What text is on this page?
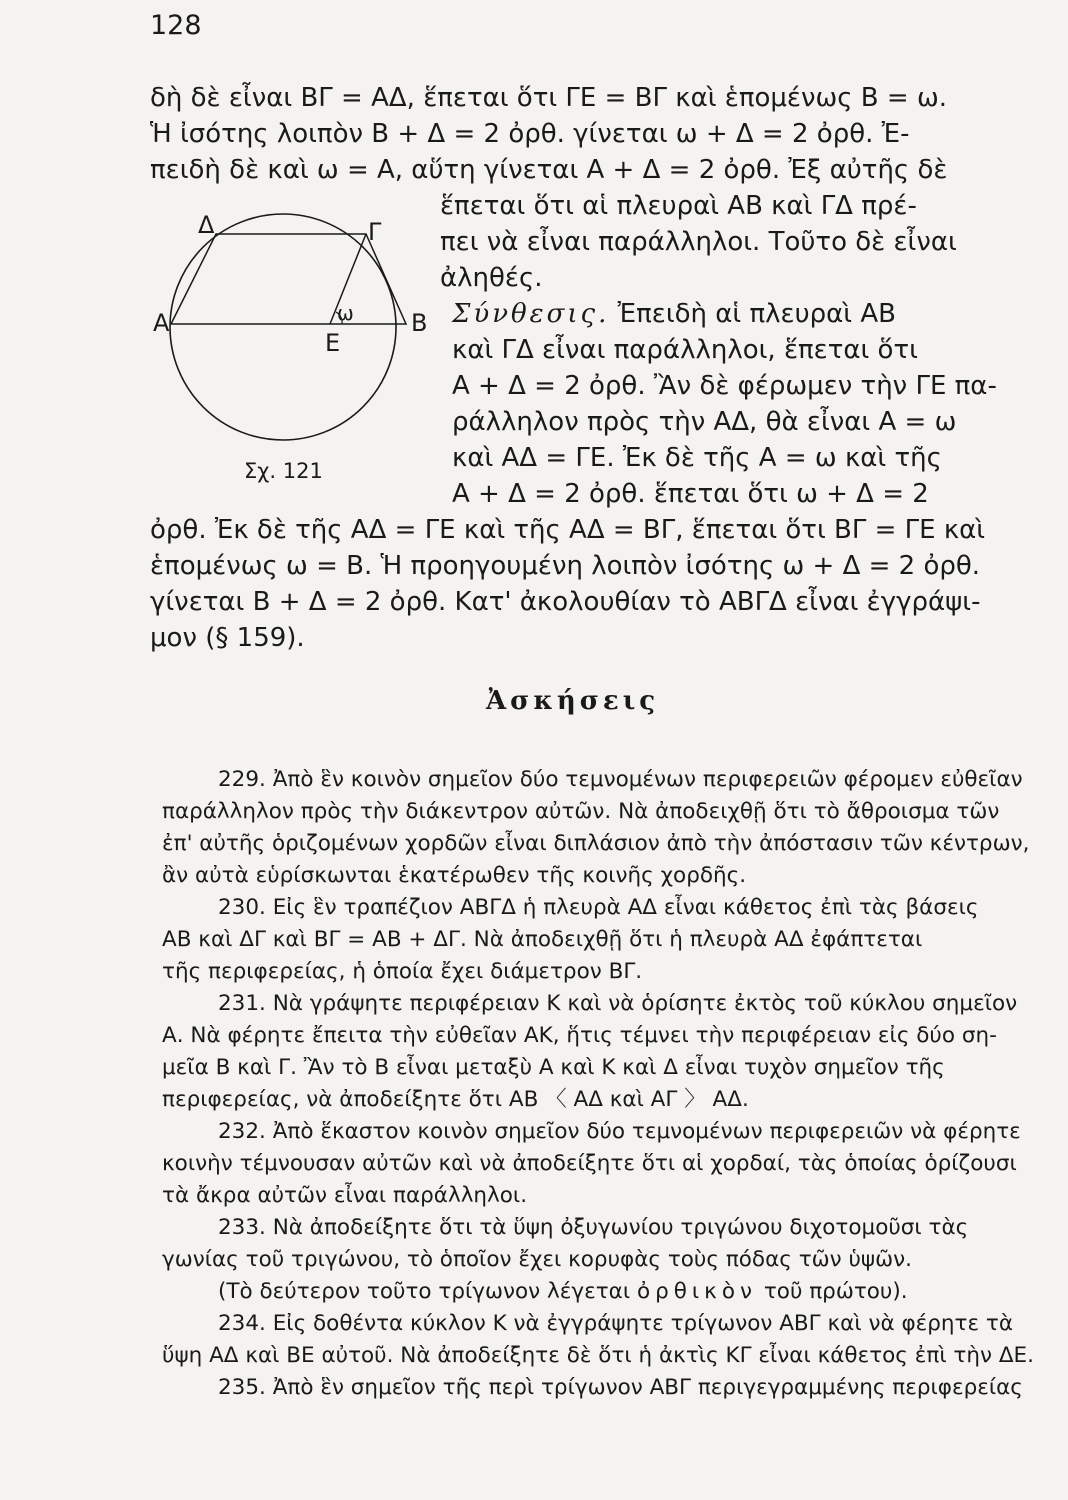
128
δὴ δὲ εἶναι ΒΓ = ΑΔ, ἕπεται ὅτι ΓΕ = ΒΓ καὶ ἑπομένως Β = ω.
Ἡ ἰσότης λοιπὸν Β + Δ = 2 ὀρθ. γίνεται ω + Δ = 2 ὀρθ. Ἐ-
πειδὴ δὲ καὶ ω = Α, αὕτη γίνεται Α + Δ = 2 ὀρθ. Ἐξ αὐτῆς δὲ
ἕπεται ὅτι αἱ πλευραὶ ΑΒ καὶ ΓΔ πρέ-
πει νὰ εἶναι παράλληλοι. Τοῦτο δὲ εἶναι
ἀληθές.
Σύνθεσις. Ἐπειδὴ αἱ πλευραὶ ΑΒ
καὶ ΓΔ εἶναι παράλληλοι, ἕπεται ὅτι
Α + Δ = 2 ὀρθ. Ἂν δὲ φέρωμεν τὴν ΓΕ πα-
ράλληλον πρὸς τὴν ΑΔ, θὰ εἶναι Α = ω
καὶ ΑΔ = ΓΕ. Ἐκ δὲ τῆς Α = ω καὶ τῆς
Α + Δ = 2 ὀρθ. ἕπεται ὅτι ω + Δ = 2
ὀρθ. Ἐκ δὲ τῆς ΑΔ = ΓΕ καὶ τῆς ΑΔ = ΒΓ, ἕπεται ὅτι ΒΓ = ΓΕ καὶ
ἑπομένως ω = Β. Ἡ προηγουμένη λοιπὸν ἰσότης ω + Δ = 2 ὀρθ.
γίνεται Β + Δ = 2 ὀρθ. Κατ' ἀκολουθίαν τὸ ΑΒΓΔ εἶναι ἐγγράψι-
μον (§ 159).
Δ	Γ
Α	Β
Ε
ω
Σχ. 121
Ἀσκήσεις
229. Ἀπὸ ἓν κοινὸν σημεῖον δύο τεμνομένων περιφερειῶν φέρομεν εὐθεῖαν
παράλληλον πρὸς τὴν διάκεντρον αὐτῶν. Νὰ ἀποδειχθῇ ὅτι τὸ ἄθροισμα τῶν
ἐπ' αὐτῆς ὁριζομένων χορδῶν εἶναι διπλάσιον ἀπὸ τὴν ἀπόστασιν τῶν κέντρων,
ἂν αὐτὰ εὑρίσκωνται ἑκατέρωθεν τῆς κοινῆς χορδῆς.
230. Εἰς ἓν τραπέζιον ΑΒΓΔ ἡ πλευρὰ ΑΔ εἶναι κάθετος ἐπὶ τὰς βάσεις
ΑΒ καὶ ΔΓ καὶ ΒΓ = ΑΒ + ΔΓ. Νὰ ἀποδειχθῇ ὅτι ἡ πλευρὰ ΑΔ ἐφάπτεται
τῆς περιφερείας, ἡ ὁποία ἔχει διάμετρον ΒΓ.
231. Νὰ γράψητε περιφέρειαν Κ καὶ νὰ ὁρίσητε ἐκτὸς τοῦ κύκλου σημεῖον
Α. Νὰ φέρητε ἔπειτα τὴν εὐθεῖαν ΑΚ, ἥτις τέμνει τὴν περιφέρειαν εἰς δύο ση-
μεῖα Β καὶ Γ. Ἂν τὸ Β εἶναι μεταξὺ Α καὶ Κ καὶ Δ εἶναι τυχὸν σημεῖον τῆς
περιφερείας, νὰ ἀποδείξητε ὅτι ΑΒ 〈 ΑΔ καὶ ΑΓ 〉 ΑΔ.
232. Ἀπὸ ἕκαστον κοινὸν σημεῖον δύο τεμνομένων περιφερειῶν νὰ φέρητε
κοινὴν τέμνουσαν αὐτῶν καὶ νὰ ἀποδείξητε ὅτι αἱ χορδαί, τὰς ὁποίας ὁρίζουσι
τὰ ἄκρα αὐτῶν εἶναι παράλληλοι.
233. Νὰ ἀποδείξητε ὅτι τὰ ὕψη ὀξυγωνίου τριγώνου διχοτομοῦσι τὰς
γωνίας τοῦ τριγώνου, τὸ ὁποῖον ἔχει κορυφὰς τοὺς πόδας τῶν ὑψῶν.
(Τὸ δεύτερον τοῦτο τρίγωνον λέγεται ὀρθικὸν τοῦ πρώτου).
234. Εἰς δοθέντα κύκλον Κ νὰ ἐγγράψητε τρίγωνον ΑΒΓ καὶ νὰ φέρητε τὰ
ὕψη ΑΔ καὶ ΒΕ αὐτοῦ. Νὰ ἀποδείξητε δὲ ὅτι ἡ ἀκτὶς ΚΓ εἶναι κάθετος ἐπὶ τὴν ΔΕ.
235. Ἀπὸ ἓν σημεῖον τῆς περὶ τρίγωνον ΑΒΓ περιγεγραμμένης περιφερείας
